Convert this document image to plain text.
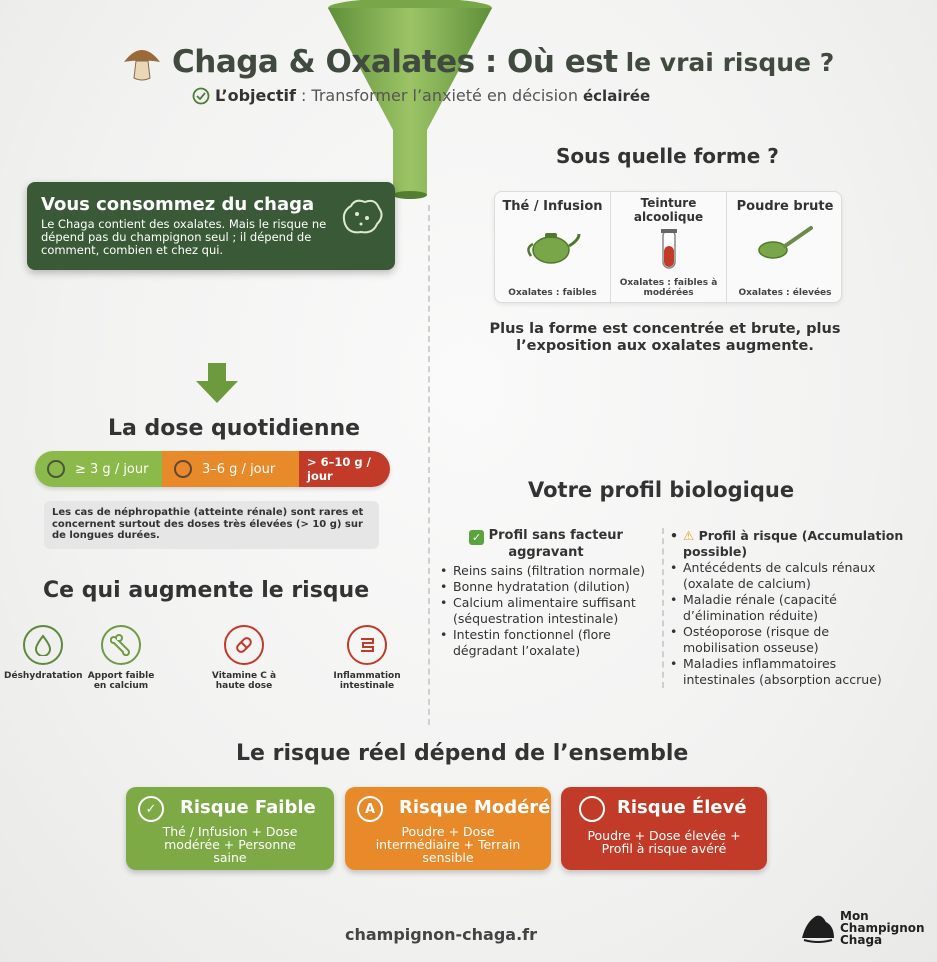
Chaga & Oxalates : Où est le vrai risque ?
L’objectif : Transformer l’anxieté en décision éclairée
Vous consommez du chaga
Le Chaga contient des oxalates. Mais le risque ne dépend pas du champignon seul ; il dépend de comment, combien et chez qui.
La dose quotidienne
≥ 3 g / jour	3–6 g / jour	> 6–10 g / jour
Les cas de néphropathie (atteinte rénale) sont rares et concernent surtout des doses très élevées (> 10 g) sur de longues durées.
Ce qui augmente le risque
Déshydratation Apport faible en calcium
Vitamine C à haute dose
Inflammation intestinale
Sous quelle forme ?
Thé / Infusion
Oxalates : faibles
Teinture alcoolique
Oxalates : faibles à modérées
Poudre brute
Oxalates : élevées
Plus la forme est concentrée et brute, plus l’exposition aux oxalates augmente.
Votre profil biologique
✓ Profil sans facteur aggravant
• Reins sains (filtration normale)
• Bonne hydratation (dilution)
• Calcium alimentaire suffisant (séquestration intestinale)
• Intestin fonctionnel (flore dégradant l’oxalate)
• ⚠ Profil à risque (Accumulation possible)
• Antécédents de calculs rénaux (oxalate de calcium)
• Maladie rénale (capacité d’élimination réduite)
• Ostéoporose (risque de mobilisation osseuse)
• Maladies inflammatoires intestinales (absorption accrue)
Le risque réel dépend de l’ensemble
✓	Risque Faible
Thé / Infusion + Dose modérée + Personne saine
A	Risque Modéré
Poudre + Dose intermédiaire + Terrain sensible
Risque Élevé
Poudre + Dose élevée + Profil à risque avéré
champignon-chaga.fr
Mon Champignon Chaga
